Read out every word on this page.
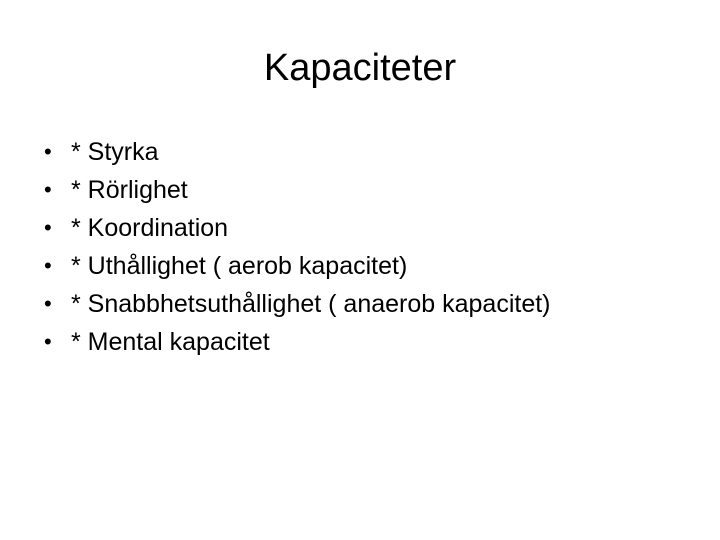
Kapaciteter
• * Styrka
• * Rörlighet
• * Koordination
• * Uthållighet ( aerob kapacitet)
• * Snabbhetsuthållighet ( anaerob kapacitet)
• * Mental kapacitet
